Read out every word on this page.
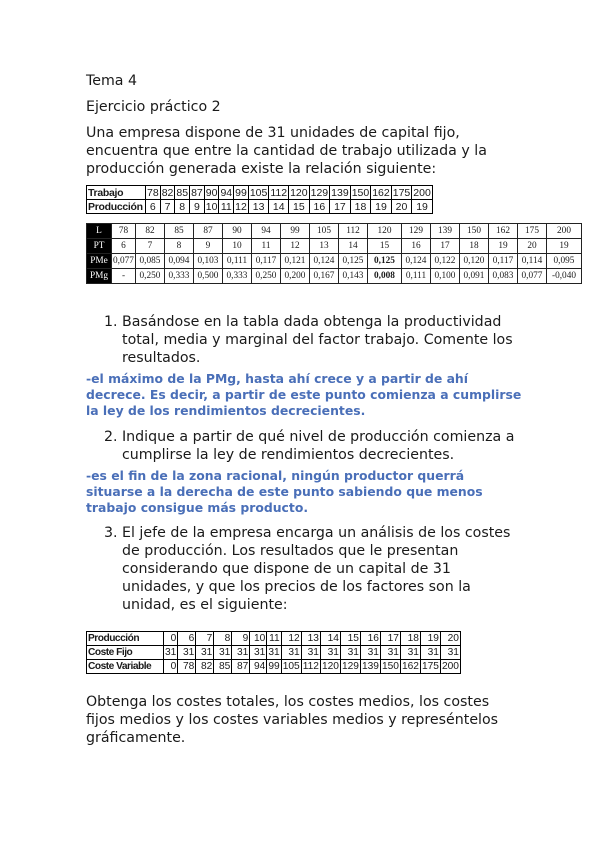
Tema 4
Ejercicio práctico 2
Una empresa dispone de 31 unidades de capital fijo,
encuentra que entre la cantidad de trabajo utilizada y la
producción generada existe la relación siguiente:
Trabajo	78	82	85	87	90	94	99	105	112	120	129	139	150	162	175	200
Producción	6	7	8	9	10	11	12	13	14	15	16	17	18	19	20	19
L	78	82	85	87	90	94	99	105	112	120	129	139	150	162	175	200
PT	6	7	8	9	10	11	12	13	14	15	16	17	18	19	20	19
PMe	0,077	0,085	0,094	0,103	0,111	0,117	0,121	0,124	0,125	0,125	0,124	0,122	0,120	0,117	0,114	0,095
PMg	-	0,250	0,333	0,500	0,333	0,250	0,200	0,167	0,143	0,008	0,111	0,100	0,091	0,083	0,077	-0,040
1. Basándose en la tabla dada obtenga la productividad
total, media y marginal del factor trabajo. Comente los
resultados.
-el máximo de la PMg, hasta ahí crece y a partir de ahí
decrece. Es decir, a partir de este punto comienza a cumplirse
la ley de los rendimientos decrecientes.
2. Indique a partir de qué nivel de producción comienza a
cumplirse la ley de rendimientos decrecientes.
-es el fin de la zona racional, ningún productor querrá
situarse a la derecha de este punto sabiendo que menos
trabajo consigue más producto.
3. El jefe de la empresa encarga un análisis de los costes
de producción. Los resultados que le presentan
considerando que dispone de un capital de 31
unidades, y que los precios de los factores son la
unidad, es el siguiente:
Producción	0	6	7	8	9	10	11	12	13	14	15	16	17	18	19	20
Coste Fijo	31	31	31	31	31	31	31	31	31	31	31	31	31	31	31	31
Coste Variable	0	78	82	85	87	94	99	105	112	120	129	139	150	162	175	200
Obtenga los costes totales, los costes medios, los costes
fijos medios y los costes variables medios y represéntelos
gráficamente.
